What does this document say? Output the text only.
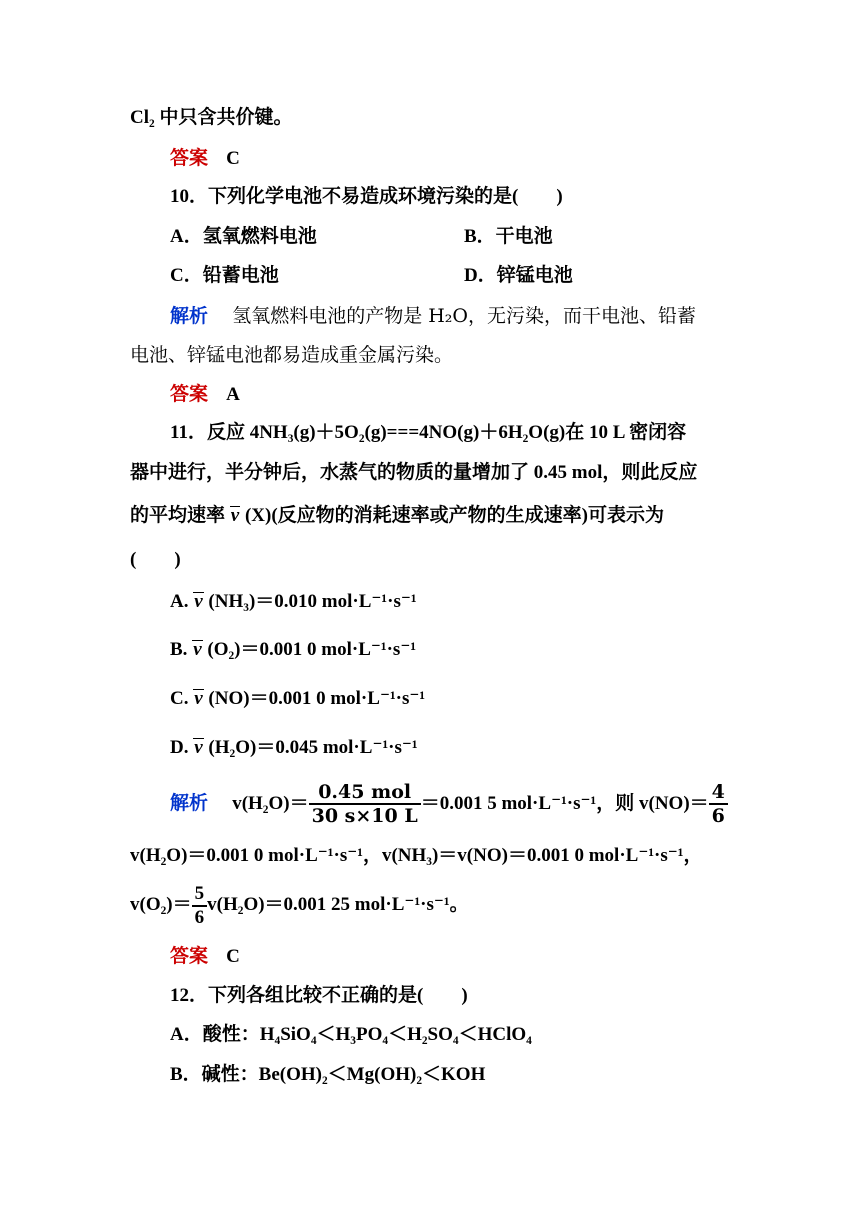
Cl₂ 中只含共价键。
答案 C
10．下列化学电池不易造成环境污染的是(　　)
A．氢氧燃料电池	B．干电池
C．铅蓄电池	D．锌锰电池
解析 氢氧燃料电池的产物是 H₂O，无污染，而干电池、铅蓄
电池、锌锰电池都易造成重金属污染。
答案 A
11．反应 4NH₃(g)＋5O₂(g)===4NO(g)＋6H₂O(g)在 10 L 密闭容
器中进行，半分钟后，水蒸气的物质的量增加了 0.45 mol，则此反应
的平均速率 v (X)(反应物的消耗速率或产物的生成速率)可表示为
(　　)
A. v (NH₃)＝0.010 mol·L⁻¹·s⁻¹
B. v (O₂)＝0.001 0 mol·L⁻¹·s⁻¹
C. v (NO)＝0.001 0 mol·L⁻¹·s⁻¹
D. v (H₂O)＝0.045 mol·L⁻¹·s⁻¹
解析 $v(H_2O)= \frac{\text{0.45 mol}}{30 s\times 10 L} =0.001$ 5 mol·L⁻¹·s⁻¹，则 $v(NO)= \frac{4}{6}$
v(H₂O)＝0.001 0 mol·L⁻¹·s⁻¹，v(NH₃)＝v(NO)＝0.001 0 mol·L⁻¹·s⁻¹，
$v(O_2)= \frac{5}{6} v(H_2O)=0.001$ 25 mol·L⁻¹·s⁻¹。
答案 C
12．下列各组比较不正确的是(　　)
A．酸性：H₄SiO₄＜H₃PO₄＜H₂SO₄＜HClO₄
B．碱性：Be(OH)₂＜Mg(OH)₂＜KOH
